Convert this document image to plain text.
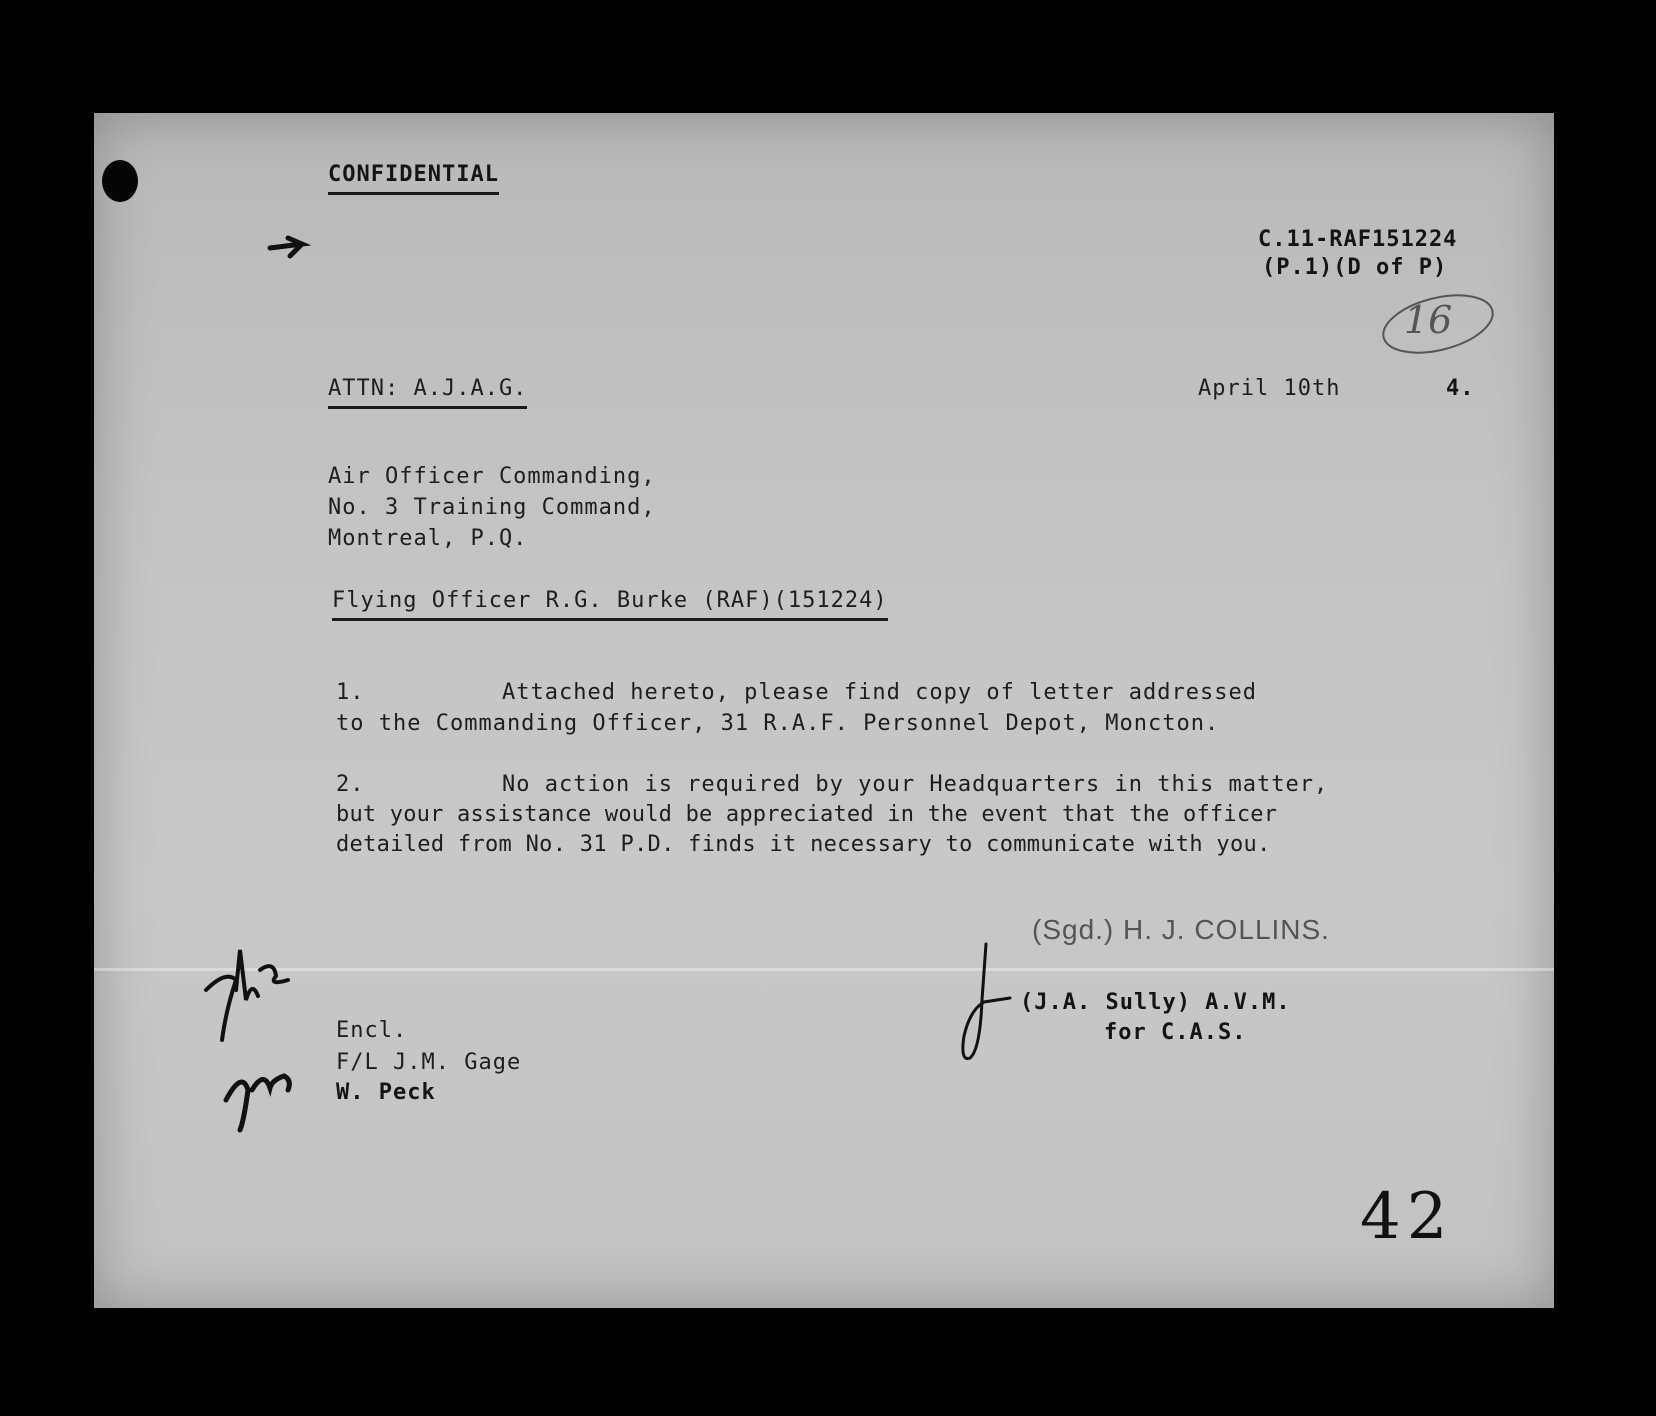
CONFIDENTIAL
C.11-RAF151224
(P.1)(D of P)
16
ATTN: A.J.A.G.	April 10th	4.
Air Officer Commanding,
No. 3 Training Command,
Montreal, P.Q.
Flying Officer R.G. Burke (RAF)(151224)
1.	Attached hereto, please find copy of letter addressed
to the Commanding Officer, 31 R.A.F. Personnel Depot, Moncton.
2.	No action is required by your Headquarters in this matter,
but your assistance would be appreciated in the event that the officer
detailed from No. 31 P.D. finds it necessary to communicate with you.
(Sgd.) H. J. COLLINS.
(J.A. Sully) A.V.M.
for C.A.S.
Encl.
F/L J.M. Gage
W. Peck
42
